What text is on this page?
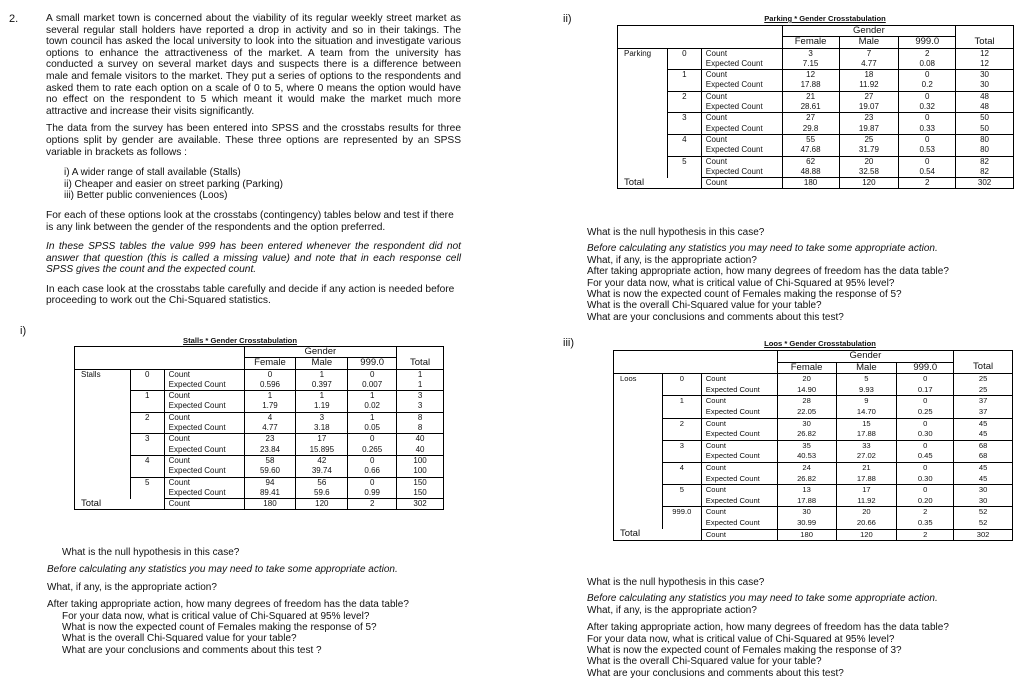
2.	A small market town is concerned about the viability of its regular weekly street market as several regular stall holders have reported a drop in activity and so in their takings. The town council has asked the local university to look into the situation and investigate various options to enhance the attractiveness of the market. A team from the university has conducted a survey on several market days and suspects there is a difference between male and female visitors to the market. They put a series of options to the respondents and asked them to rate each option on a scale of 0 to 5, where 0 means the option would have no effect on the respondent to 5 which meant it would make the market much more attractive and increase their visits significantly.

The data from the survey has been entered into SPSS and the crosstabs results for three options split by gender are available. These three options are represented by an SPSS variable in brackets as follows :

i) A wider range of stall available (Stalls)

ii) Cheaper and easier on street parking (Parking)

iii) Better public conveniences (Loos)

For each of these options look at the crosstabs (contingency) tables below and test if there is any link between the gender of the respondents and the option preferred.

In these SPSS tables the value 999 has been entered whenever the respondent did not answer that question (this is called a missing value) and note that in each response cell SPSS gives the count and the expected count.

In each case look at the crosstabs table carefully and decide if any action is needed before proceeding to work out the Chi-Squared statistics.

i)
Stalls * Gender Crosstabulation
			Gender			
			Female	Male	999.0	Total
Stalls	0	Count	0	1	0	1
		Expected Count	0.596	0.397	0.007	1
	1	Count	1	1	1	3
		Expected Count	1.79	1.19	0.02	3
	2	Count	4	3	1	8
		Expected Count	4.77	3.18	0.05	8
	3	Count	23	17	0	40
		Expected Count	23.84	15.895	0.265	40
	4	Count	58	42	0	100
		Expected Count	59.60	39.74	0.66	100
	5	Count	94	56	0	150
		Expected Count	89.41	59.6	0.99	150
Total		Count	180	120	2	302

What is the null hypothesis in this case?

Before calculating any statistics you may need to take some appropriate action.

What, if any, is the appropriate action?

After taking appropriate action, how many degrees of freedom has the data table?

For your data now, what is critical value of Chi-Squared at 95% level?

What is now the expected count of Females making the response of 5?

What is the overall Chi-Squared value for your table?

What are your conclusions and comments about this test ?

ii)	Parking * Gender Crosstabulation
			Gender			
			Female	Male	999.0	Total
Parking	0	Count	3	7	2	12
		Expected Count	7.15	4.77	0.08	12
	1	Count	12	18	0	30
		Expected Count	17.88	11.92	0.2	30
	2	Count	21	27	0	48
		Expected Count	28.61	19.07	0.32	48
	3	Count	27	23	0	50
		Expected Count	29.8	19.87	0.33	50
	4	Count	55	25	0	80
		Expected Count	47.68	31.79	0.53	80
	5	Count	62	20	0	82
		Expected Count	48.88	32.58	0.54	82
Total		Count	180	120	2	302

What is the null hypothesis in this case?

Before calculating any statistics you may need to take some appropriate action.

What, if any, is the appropriate action?

After taking appropriate action, how many degrees of freedom has the data table?

For your data now, what is critical value of Chi-Squared at 95% level?

What is now the expected count of Females making the response of 5?

What is the overall Chi-Squared value for your table?

What are your conclusions and comments about this test?

iii)	Loos * Gender Crosstabulation
			Gender			
			Female	Male	999.0	Total
Loos	0	Count	20	5	0	25
		Expected Count	14.90	9.93	0.17	25
	1	Count	28	9	0	37
		Expected Count	22.05	14.70	0.25	37
	2	Count	30	15	0	45
		Expected Count	26.82	17.88	0.30	45
	3	Count	35	33	0	68
		Expected Count	40.53	27.02	0.45	68
	4	Count	24	21	0	45
		Expected Count	26.82	17.88	0.30	45
	5	Count	13	17	0	30
		Expected Count	17.88	11.92	0.20	30
	999.0	Count	30	20	2	52
		Expected Count	30.99	20.66	0.35	52
Total		Count	180	120	2	302

What is the null hypothesis in this case?

Before calculating any statistics you may need to take some appropriate action.

What, if any, is the appropriate action?

After taking appropriate action, how many degrees of freedom has the data table?

For your data now, what is critical value of Chi-Squared at 95% level?

What is now the expected count of Females making the response of 3?

What is the overall Chi-Squared value for your table?

What are your conclusions and comments about this test?
